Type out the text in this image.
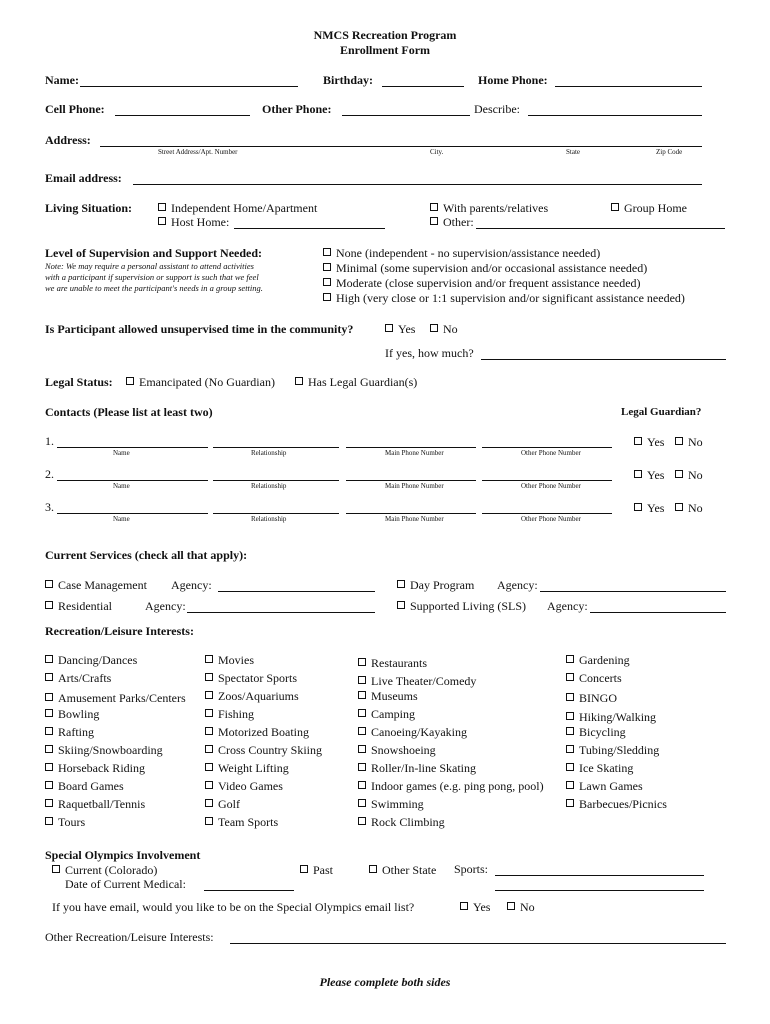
NMCS Recreation Program
Enrollment Form
Name:	Birthday:	Home Phone:
Cell Phone:	Other Phone:	Describe:
Address:
Street Address/Apt. Number	City.	State	Zip Code
Email address:
Living Situation:	Independent Home/Apartment
Host Home:
With parents/relatives
Other:
Group Home
Level of Supervision and Support Needed:
Note: We may require a personal assistant to attend activities
with a participant if supervision or support is such that we feel
we are unable to meet the participant's needs in a group setting.
None (independent - no supervision/assistance needed)
Minimal (some supervision and/or occasional assistance needed)
Moderate (close supervision and/or frequent assistance needed)
High (very close or 1:1 supervision and/or significant assistance needed)
Is Participant allowed unsupervised time in the community?	Yes	No
If yes, how much?
Legal Status:	Emancipated (No Guardian)	Has Legal Guardian(s)
Contacts (Please list at least two)	Legal Guardian?
1.
Name	Relationship	Main Phone Number	Other Phone Number
Yes	No
2.
Name	Relationship	Main Phone Number	Other Phone Number
Yes	No
3.
Name	Relationship	Main Phone Number	Other Phone Number
Yes	No
Current Services (check all that apply):
Case Management Agency:	Day Program Agency:
Residential	Agency:	Supported Living (SLS) Agency:
Recreation/Leisure Interests:
Dancing/Dances
Arts/Crafts
Amusement Parks/Centers
Bowling
Rafting
Skiing/Snowboarding
Horseback Riding
Board Games
Raquetball/Tennis
Tours
Movies
Spectator Sports
Zoos/Aquariums
Fishing
Motorized Boating
Cross Country Skiing
Weight Lifting
Video Games
Golf
Team Sports
Restaurants
Live Theater/Comedy
Museums
Camping
Canoeing/Kayaking
Snowshoeing
Roller/In-line Skating
Indoor games (e.g. ping pong, pool)
Swimming
Rock Climbing
Gardening
Concerts
BINGO
Hiking/Walking
Bicycling
Tubing/Sledding
Ice Skating
Lawn Games
Barbecues/Picnics
Special Olympics Involvement
Current (Colorado)	Past	Other State Sports:
Date of Current Medical:
If you have email, would you like to be on the Special Olympics email list?	Yes	No
Other Recreation/Leisure Interests:
Please complete both sides
